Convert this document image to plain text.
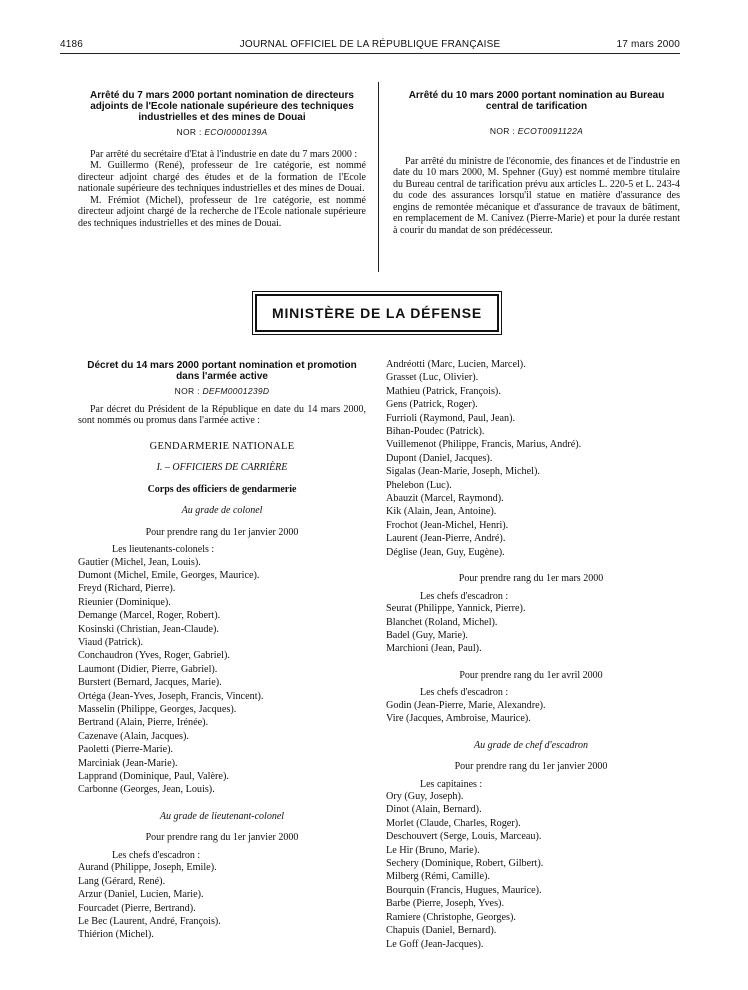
4186	JOURNAL OFFICIEL DE LA RÉPUBLIQUE FRANÇAISE	17 mars 2000
Arrêté du 7 mars 2000 portant nomination de directeurs adjoints de l'Ecole nationale supérieure des techniques industrielles et des mines de Douai
NOR : ECOI0000139A
Par arrêté du secrétaire d'Etat à l'industrie en date du 7 mars 2000 :
M. Guillermo (René), professeur de 1re catégorie, est nommé directeur adjoint chargé des études et de la formation de l'Ecole nationale supérieure des techniques industrielles et des mines de Douai.
M. Frémiot (Michel), professeur de 1re catégorie, est nommé directeur adjoint chargé de la recherche de l'Ecole nationale supérieure des techniques industrielles et des mines de Douai.
Arrêté du 10 mars 2000 portant nomination au Bureau central de tarification
NOR : ECOT0091122A
Par arrêté du ministre de l'économie, des finances et de l'industrie en date du 10 mars 2000, M. Spehner (Guy) est nommé membre titulaire du Bureau central de tarification prévu aux articles L. 220-5 et L. 243-4 du code des assurances lorsqu'il statue en matière d'assurance des engins de remontée mécanique et d'assurance de travaux de bâtiment, en remplacement de M. Canivez (Pierre-Marie) et pour la durée restant à courir du mandat de son prédécesseur.
MINISTÈRE DE LA DÉFENSE
Décret du 14 mars 2000 portant nomination et promotion dans l'armée active
NOR : DEFM0001239D
Par décret du Président de la République en date du 14 mars 2000, sont nommés ou promus dans l'armée active :
GENDARMERIE NATIONALE
I. – OFFICIERS DE CARRIÈRE
Corps des officiers de gendarmerie
Au grade de colonel
Pour prendre rang du 1er janvier 2000
Les lieutenants-colonels :
Gautier (Michel, Jean, Louis).
Dumont (Michel, Emile, Georges, Maurice).
Freyd (Richard, Pierre).
Rieunier (Dominique).
Demange (Marcel, Roger, Robert).
Kosinski (Christian, Jean-Claude).
Viaud (Patrick).
Conchaudron (Yves, Roger, Gabriel).
Laumont (Didier, Pierre, Gabriel).
Burstert (Bernard, Jacques, Marie).
Ortéga (Jean-Yves, Joseph, Francis, Vincent).
Masselin (Philippe, Georges, Jacques).
Bertrand (Alain, Pierre, Irénée).
Cazenave (Alain, Jacques).
Paoletti (Pierre-Marie).
Marciniak (Jean-Marie).
Lapprand (Dominique, Paul, Valère).
Carbonne (Georges, Jean, Louis).
Au grade de lieutenant-colonel
Pour prendre rang du 1er janvier 2000
Les chefs d'escadron :
Aurand (Philippe, Joseph, Emile).
Lang (Gérard, René).
Arzur (Daniel, Lucien, Marie).
Fourcadet (Pierre, Bertrand).
Le Bec (Laurent, André, François).
Thiérion (Michel).
Andréotti (Marc, Lucien, Marcel).
Grasset (Luc, Olivier).
Mathieu (Patrick, François).
Gens (Patrick, Roger).
Furrioli (Raymond, Paul, Jean).
Bihan-Poudec (Patrick).
Vuillemenot (Philippe, Francis, Marius, André).
Dupont (Daniel, Jacques).
Sigalas (Jean-Marie, Joseph, Michel).
Phelebon (Luc).
Abauzit (Marcel, Raymond).
Kik (Alain, Jean, Antoine).
Frochot (Jean-Michel, Henri).
Laurent (Jean-Pierre, André).
Déglise (Jean, Guy, Eugène).
Pour prendre rang du 1er mars 2000
Les chefs d'escadron :
Seurat (Philippe, Yannick, Pierre).
Blanchet (Roland, Michel).
Badel (Guy, Marie).
Marchioni (Jean, Paul).
Pour prendre rang du 1er avril 2000
Les chefs d'escadron :
Godin (Jean-Pierre, Marie, Alexandre).
Vire (Jacques, Ambroise, Maurice).
Au grade de chef d'escadron
Pour prendre rang du 1er janvier 2000
Les capitaines :
Ory (Guy, Joseph).
Dinot (Alain, Bernard).
Morlet (Claude, Charles, Roger).
Deschouvert (Serge, Louis, Marceau).
Le Hir (Bruno, Marie).
Sechery (Dominique, Robert, Gilbert).
Milberg (Rémi, Camille).
Bourquin (Francis, Hugues, Maurice).
Barbe (Pierre, Joseph, Yves).
Ramiere (Christophe, Georges).
Chapuis (Daniel, Bernard).
Le Goff (Jean-Jacques).
